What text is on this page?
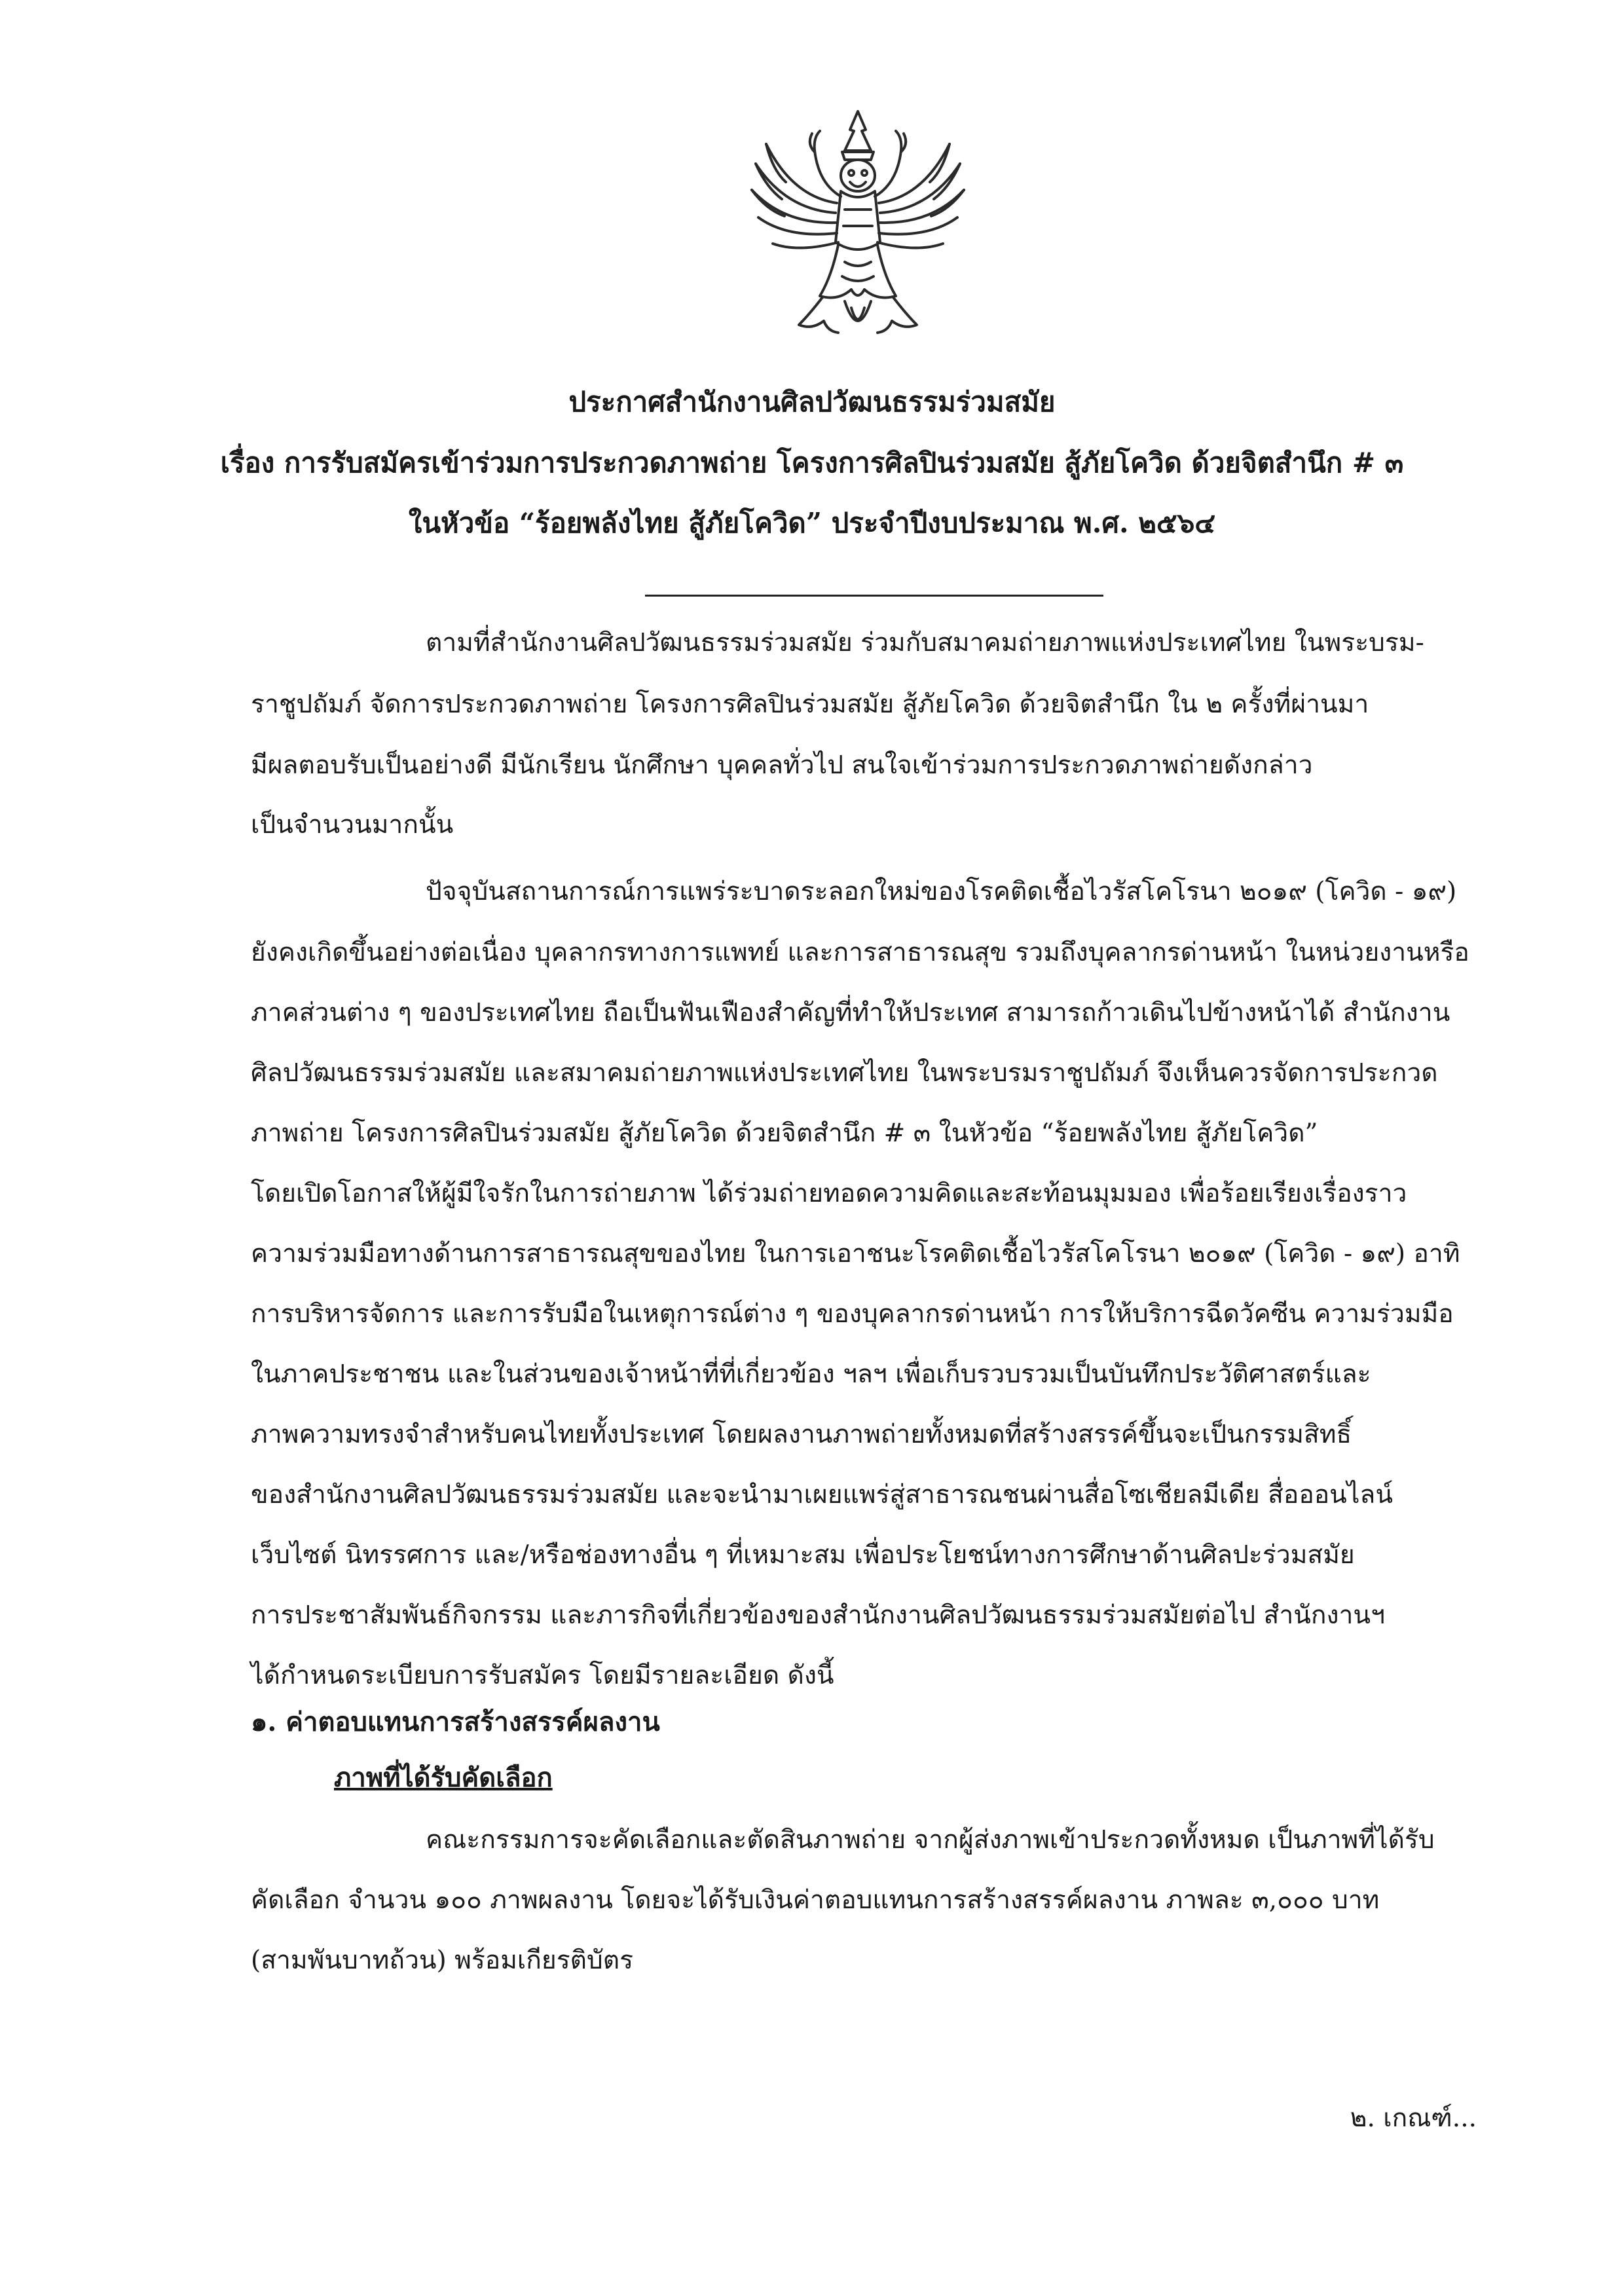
ประกาศสำนักงานศิลปวัฒนธรรมร่วมสมัย
เรื่อง การรับสมัครเข้าร่วมการประกวดภาพถ่าย โครงการศิลปินร่วมสมัย สู้ภัยโควิด ด้วยจิตสำนึก # ๓
ในหัวข้อ “ร้อยพลังไทย สู้ภัยโควิด” ประจำปีงบประมาณ พ.ศ. ๒๕๖๔
ตามที่สำนักงานศิลปวัฒนธรรมร่วมสมัย ร่วมกับสมาคมถ่ายภาพแห่งประเทศไทย ในพระบรม-
ราชูปถัมภ์ จัดการประกวดภาพถ่าย โครงการศิลปินร่วมสมัย สู้ภัยโควิด ด้วยจิตสำนึก ใน ๒ ครั้งที่ผ่านมา
มีผลตอบรับเป็นอย่างดี มีนักเรียน นักศึกษา บุคคลทั่วไป สนใจเข้าร่วมการประกวดภาพถ่ายดังกล่าว
เป็นจำนวนมากนั้น
ปัจจุบันสถานการณ์การแพร่ระบาดระลอกใหม่ของโรคติดเชื้อไวรัสโคโรนา ๒๐๑๙ (โควิด - ๑๙)
ยังคงเกิดขึ้นอย่างต่อเนื่อง บุคลากรทางการแพทย์ และการสาธารณสุข รวมถึงบุคลากรด่านหน้า ในหน่วยงานหรือ
ภาคส่วนต่าง ๆ ของประเทศไทย ถือเป็นฟันเฟืองสำคัญที่ทำให้ประเทศ สามารถก้าวเดินไปข้างหน้าได้ สำนักงาน
ศิลปวัฒนธรรมร่วมสมัย และสมาคมถ่ายภาพแห่งประเทศไทย ในพระบรมราชูปถัมภ์ จึงเห็นควรจัดการประกวด
ภาพถ่าย โครงการศิลปินร่วมสมัย สู้ภัยโควิด ด้วยจิตสำนึก # ๓ ในหัวข้อ “ร้อยพลังไทย สู้ภัยโควิด”
โดยเปิดโอกาสให้ผู้มีใจรักในการถ่ายภาพ ได้ร่วมถ่ายทอดความคิดและสะท้อนมุมมอง เพื่อร้อยเรียงเรื่องราว
ความร่วมมือทางด้านการสาธารณสุขของไทย ในการเอาชนะโรคติดเชื้อไวรัสโคโรนา ๒๐๑๙ (โควิด - ๑๙) อาทิ
การบริหารจัดการ และการรับมือในเหตุการณ์ต่าง ๆ ของบุคลากรด่านหน้า การให้บริการฉีดวัคซีน ความร่วมมือ
ในภาคประชาชน และในส่วนของเจ้าหน้าที่ที่เกี่ยวข้อง ฯลฯ เพื่อเก็บรวบรวมเป็นบันทึกประวัติศาสตร์และ
ภาพความทรงจำสำหรับคนไทยทั้งประเทศ โดยผลงานภาพถ่ายทั้งหมดที่สร้างสรรค์ขึ้นจะเป็นกรรมสิทธิ์
ของสำนักงานศิลปวัฒนธรรมร่วมสมัย และจะนำมาเผยแพร่สู่สาธารณชนผ่านสื่อโซเชียลมีเดีย สื่อออนไลน์
เว็บไซต์ นิทรรศการ และ/หรือช่องทางอื่น ๆ ที่เหมาะสม เพื่อประโยชน์ทางการศึกษาด้านศิลปะร่วมสมัย
การประชาสัมพันธ์กิจกรรม และภารกิจที่เกี่ยวข้องของสำนักงานศิลปวัฒนธรรมร่วมสมัยต่อไป สำนักงานฯ
ได้กำหนดระเบียบการรับสมัคร โดยมีรายละเอียด ดังนี้
๑. ค่าตอบแทนการสร้างสรรค์ผลงาน
ภาพที่ได้รับคัดเลือก
คณะกรรมการจะคัดเลือกและตัดสินภาพถ่าย จากผู้ส่งภาพเข้าประกวดทั้งหมด เป็นภาพที่ได้รับ
คัดเลือก จำนวน ๑๐๐ ภาพผลงาน โดยจะได้รับเงินค่าตอบแทนการสร้างสรรค์ผลงาน ภาพละ ๓,๐๐๐ บาท
(สามพันบาทถ้วน) พร้อมเกียรติบัตร
๒. เกณฑ์...
